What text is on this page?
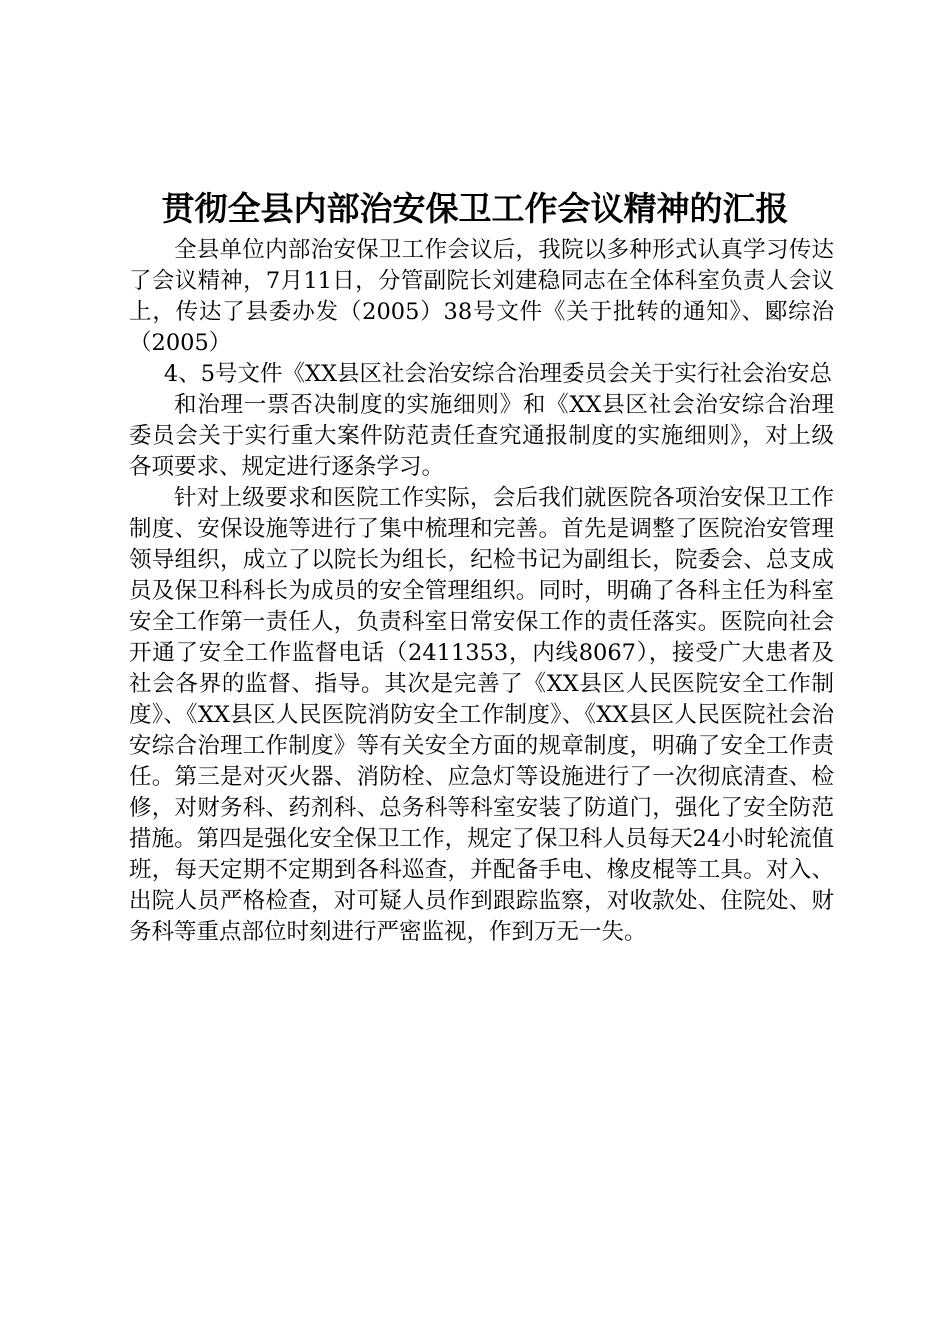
贯彻全县内部治安保卫工作会议精神的汇报

全县单位内部治安保卫工作会议后，我院以多种形式认真学习传达了会议精神，7月11日，分管副院长刘建稳同志在全体科室负责人会议上，传达了县委办发（2005）38号文件《关于批转的通知》、郾综治（2005）

4、5号文件《XX县区社会治安综合治理委员会关于实行社会治安总

和治理一票否决制度的实施细则》和《XX县区社会治安综合治理委员会关于实行重大案件防范责任查究通报制度的实施细则》，对上级各项要求、规定进行逐条学习。

针对上级要求和医院工作实际，会后我们就医院各项治安保卫工作制度、安保设施等进行了集中梳理和完善。首先是调整了医院治安管理领导组织，成立了以院长为组长，纪检书记为副组长，院委会、总支成员及保卫科科长为成员的安全管理组织。同时，明确了各科主任为科室安全工作第一责任人，负责科室日常安保工作的责任落实。医院向社会开通了安全工作监督电话（2411353，内线8067），接受广大患者及社会各界的监督、指导。其次是完善了《XX县区人民医院安全工作制度》、《XX县区人民医院消防安全工作制度》、《XX县区人民医院社会治安综合治理工作制度》等有关安全方面的规章制度，明确了安全工作责任。第三是对灭火器、消防栓、应急灯等设施进行了一次彻底清查、检修，对财务科、药剂科、总务科等科室安装了防道门，强化了安全防范措施。第四是强化安全保卫工作，规定了保卫科人员每天24小时轮流值班，每天定期不定期到各科巡查，并配备手电、橡皮棍等工具。对入、出院人员严格检查，对可疑人员作到跟踪监察，对收款处、住院处、财务科等重点部位时刻进行严密监视，作到万无一失。
